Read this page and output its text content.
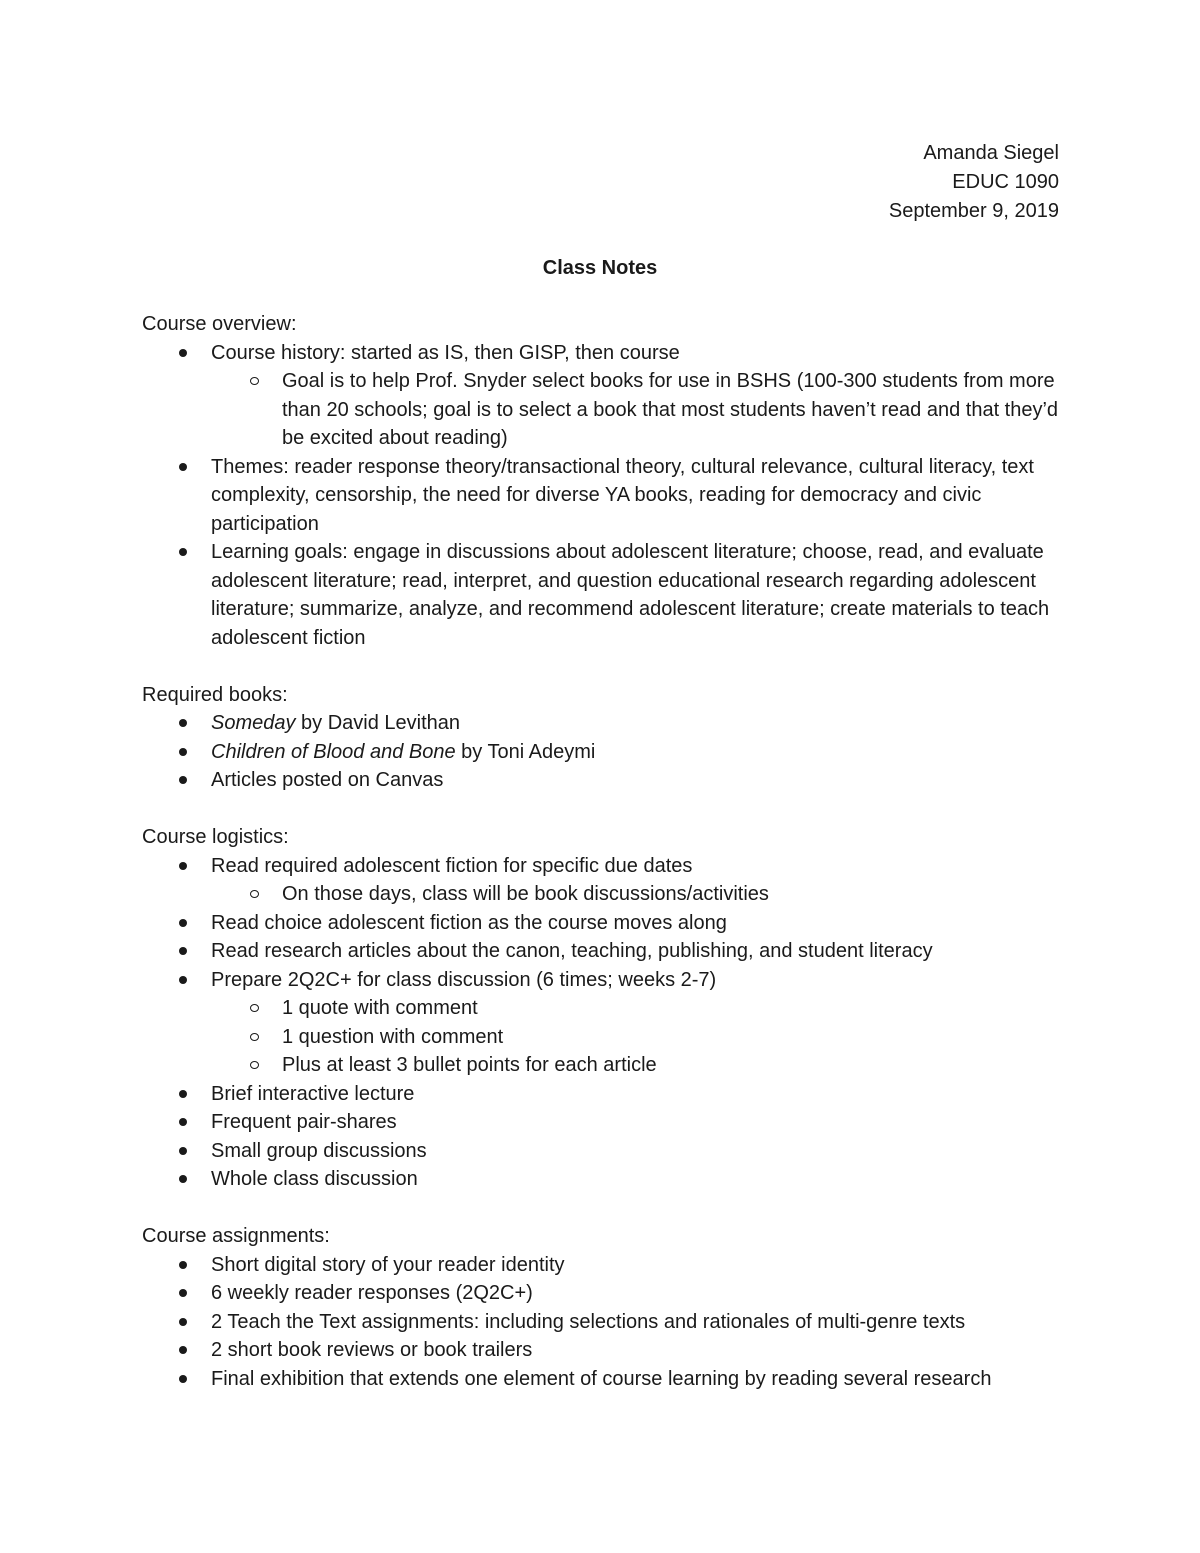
Amanda Siegel
EDUC 1090
September 9, 2019
Class Notes

Course overview:

Course history: started as IS, then GISP, then course
Goal is to help Prof. Snyder select books for use in BSHS (100-300 students from more than 20 schools; goal is to select a book that most students haven’t read and that they’d be excited about reading)
Themes: reader response theory/transactional theory, cultural relevance, cultural literacy, text complexity, censorship, the need for diverse YA books, reading for democracy and civic participation
Learning goals: engage in discussions about adolescent literature; choose, read, and evaluate adolescent literature; read, interpret, and question educational research regarding adolescent literature; summarize, analyze, and recommend adolescent literature; create materials to teach adolescent fiction

Required books:

Someday by David Levithan
Children of Blood and Bone by Toni Adeymi
Articles posted on Canvas

Course logistics:

Read required adolescent fiction for specific due dates
On those days, class will be book discussions/activities
Read choice adolescent fiction as the course moves along
Read research articles about the canon, teaching, publishing, and student literacy
Prepare 2Q2C+ for class discussion (6 times; weeks 2-7)
1 quote with comment
1 question with comment
Plus at least 3 bullet points for each article
Brief interactive lecture
Frequent pair-shares
Small group discussions
Whole class discussion

Course assignments:

Short digital story of your reader identity
6 weekly reader responses (2Q2C+)
2 Teach the Text assignments: including selections and rationales of multi-genre texts
2 short book reviews or book trailers
Final exhibition that extends one element of course learning by reading several research
